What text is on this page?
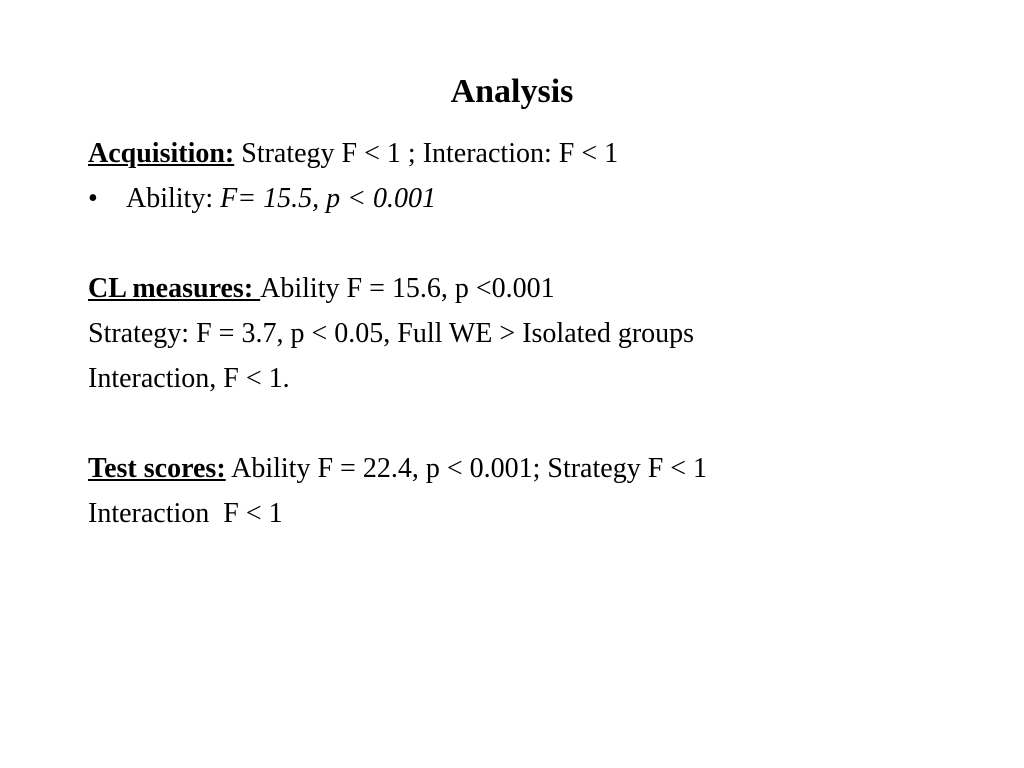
Analysis
Acquisition: Strategy F < 1 ; Interaction: F < 1
• Ability: F= 15.5, p < 0.001
CL measures: Ability F = 15.6, p <0.001
Strategy: F = 3.7, p < 0.05, Full WE > Isolated groups
Interaction, F < 1.
Test scores: Ability F = 22.4, p < 0.001; Strategy F < 1
Interaction  F < 1
